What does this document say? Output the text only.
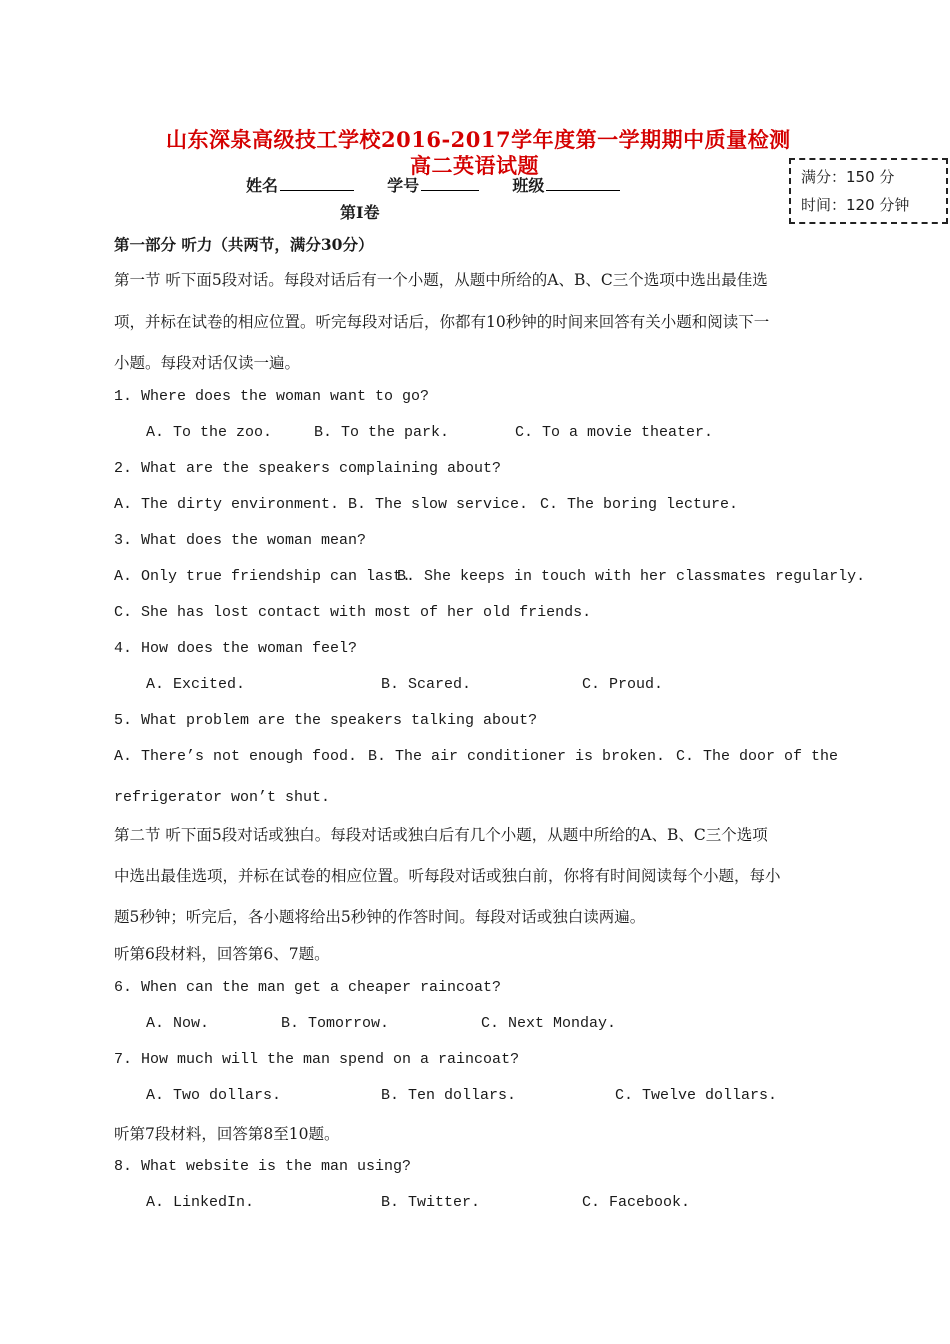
山东深泉高级技工学校2016-2017学年度第一学期期中质量检测
高二英语试题
姓名	学号	班级	满分：150 分
时间：120 分钟
第I卷
第一部分 听力（共两节，满分30分）
第一节 听下面5段对话。每段对话后有一个小题，从题中所给的A、B、C三个选项中选出最佳选
项，并标在试卷的相应位置。听完每段对话后，你都有10秒钟的时间来回答有关小题和阅读下一
小题。每段对话仅读一遍。
1. Where does the woman want to go?
A. To the zoo.	B. To the park.	C. To a movie theater.
2. What are the speakers complaining about?
A. The dirty environment. B. The slow service. C. The boring lecture.
3. What does the woman mean?
A. Only true friendship can last.
B. She keeps in touch with her classmates regularly.
C. She has lost contact with most of her old friends.
4. How does the woman feel?
A. Excited.	B. Scared.	C. Proud.
5. What problem are the speakers talking about?
A. There’s not enough food. B. The air conditioner is broken. C. The door of the
refrigerator won’t shut.
第二节 听下面5段对话或独白。每段对话或独白后有几个小题，从题中所给的A、B、C三个选项
中选出最佳选项，并标在试卷的相应位置。听每段对话或独白前，你将有时间阅读每个小题，每小
题5秒钟；听完后，各小题将给出5秒钟的作答时间。每段对话或独白读两遍。
听第6段材料，回答第6、7题。
6. When can the man get a cheaper raincoat?
A. Now.	B. Tomorrow.	C. Next Monday.
7. How much will the man spend on a raincoat?
A. Two dollars.	B. Ten dollars.	C. Twelve dollars.
听第7段材料，回答第8至10题。
8. What website is the man using?
A. LinkedIn.	B. Twitter.	C. Facebook.
